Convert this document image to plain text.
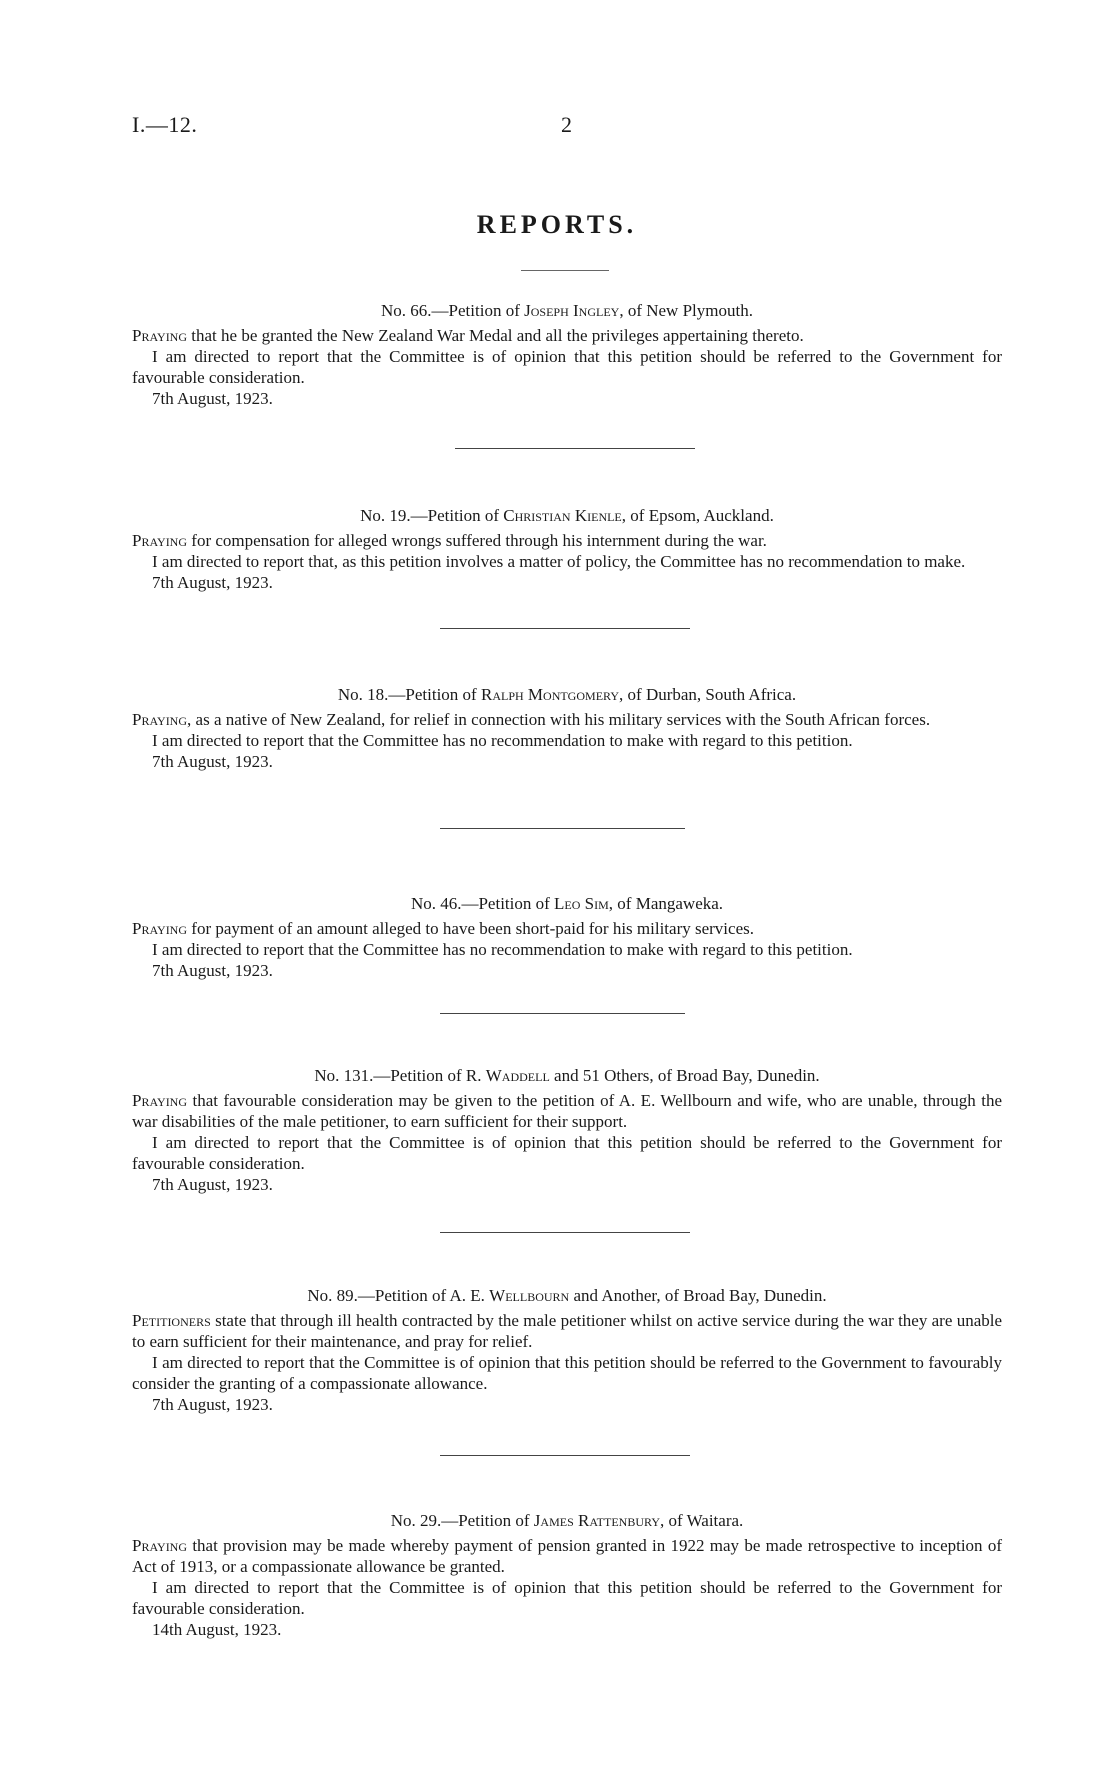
I.—12.	2
REPORTS.
No. 66.—Petition of Joseph Ingley, of New Plymouth.

Praying that he be granted the New Zealand War Medal and all the privileges appertaining thereto.

I am directed to report that the Committee is of opinion that this petition should be referred to the Government for favourable consideration.

7th August, 1923.

No. 19.—Petition of Christian Kienle, of Epsom, Auckland.

Praying for compensation for alleged wrongs suffered through his internment during the war.

I am directed to report that, as this petition involves a matter of policy, the Committee has no recommendation to make.

7th August, 1923.

No. 18.—Petition of Ralph Montgomery, of Durban, South Africa.

Praying, as a native of New Zealand, for relief in connection with his military services with the South African forces.

I am directed to report that the Committee has no recommendation to make with regard to this petition.

7th August, 1923.

No. 46.—Petition of Leo Sim, of Mangaweka.

Praying for payment of an amount alleged to have been short-paid for his military services.

I am directed to report that the Committee has no recommendation to make with regard to this petition.

7th August, 1923.

No. 131.—Petition of R. Waddell and 51 Others, of Broad Bay, Dunedin.

Praying that favourable consideration may be given to the petition of A. E. Wellbourn and wife, who are unable, through the war disabilities of the male petitioner, to earn sufficient for their support.

I am directed to report that the Committee is of opinion that this petition should be referred to the Government for favourable consideration.

7th August, 1923.

No. 89.—Petition of A. E. Wellbourn and Another, of Broad Bay, Dunedin.

Petitioners state that through ill health contracted by the male petitioner whilst on active service during the war they are unable to earn sufficient for their maintenance, and pray for relief.

I am directed to report that the Committee is of opinion that this petition should be referred to the Government to favourably consider the granting of a compassionate allowance.

7th August, 1923.

No. 29.—Petition of James Rattenbury, of Waitara.

Praying that provision may be made whereby payment of pension granted in 1922 may be made retrospective to inception of Act of 1913, or a compassionate allowance be granted.

I am directed to report that the Committee is of opinion that this petition should be referred to the Government for favourable consideration.

14th August, 1923.
